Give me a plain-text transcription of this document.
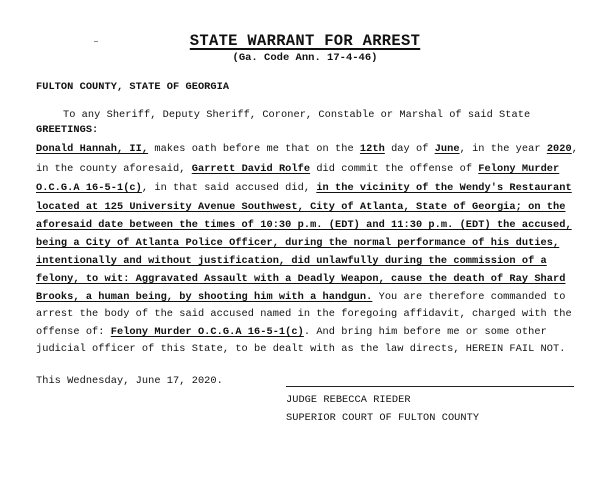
STATE WARRANT FOR ARREST
(Ga. Code Ann. 17-4-46)
FULTON COUNTY, STATE OF GEORGIA
To any Sheriff, Deputy Sheriff, Coroner, Constable or Marshal of said State
GREETINGS:
Donald Hannah, II, makes oath before me that on the 12th day of June, in the year 2020,
in the county aforesaid, Garrett David Rolfe did commit the offense of Felony Murder
O.C.G.A 16-5-1(c), in that said accused did, in the vicinity of the Wendy's Restaurant
located at 125 University Avenue Southwest, City of Atlanta, State of Georgia; on the
aforesaid date between the times of 10:30 p.m. (EDT) and 11:30 p.m. (EDT) the accused,
being a City of Atlanta Police Officer, during the normal performance of his duties,
intentionally and without justification, did unlawfully during the commission of a
felony, to wit: Aggravated Assault with a Deadly Weapon, cause the death of Ray Shard
Brooks, a human being, by shooting him with a handgun. You are therefore commanded to
arrest the body of the said accused named in the foregoing affidavit, charged with the
offense of: Felony Murder O.C.G.A 16-5-1(c). And bring him before me or some other
judicial officer of this State, to be dealt with as the law directs, HEREIN FAIL NOT.
This Wednesday, June 17, 2020.
JUDGE REBECCA RIEDER
SUPERIOR COURT OF FULTON COUNTY
